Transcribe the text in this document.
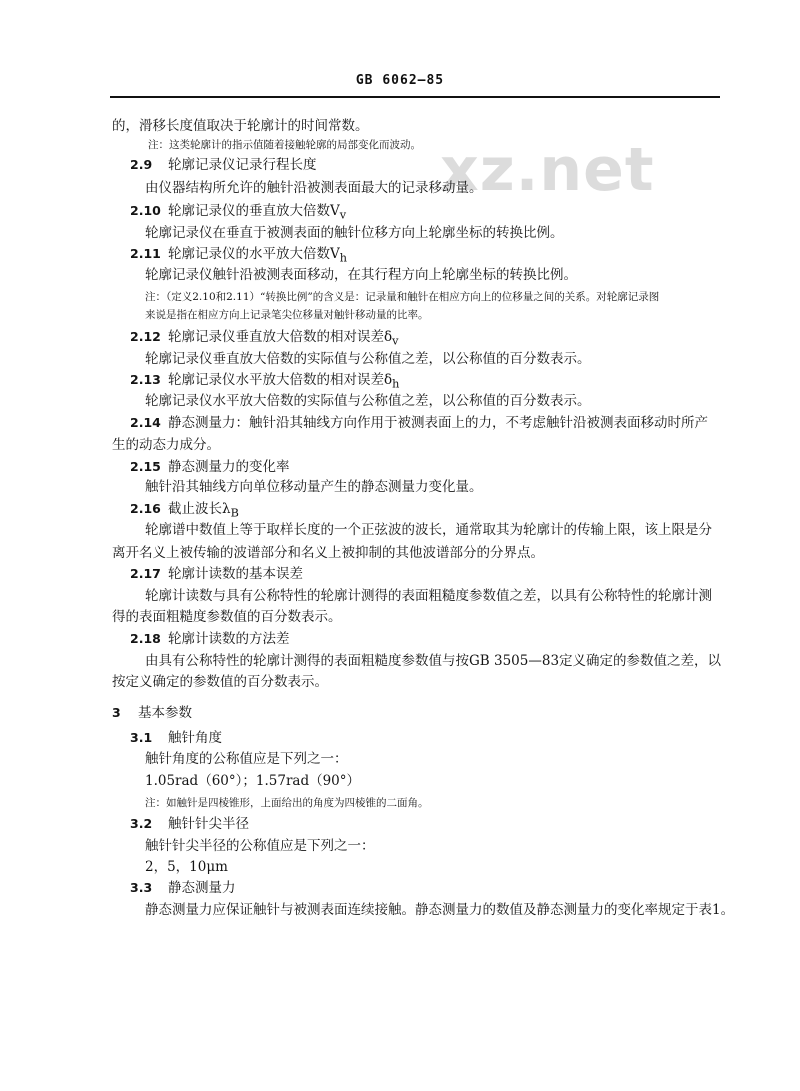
GB 6062—85
xz.net
的，滑移长度值取决于轮廓计的时间常数。
注：这类轮廓计的指示值随着接触轮廓的局部变化而波动。
2.9 轮廓记录仪记录行程长度
由仪器结构所允许的触针沿被测表面最大的记录移动量。
2.10 轮廓记录仪的垂直放大倍数$V_v$
轮廓记录仪在垂直于被测表面的触针位移方向上轮廓坐标的转换比例。
2.11 轮廓记录仪的水平放大倍数$V_h$
轮廓记录仪触针沿被测表面移动，在其行程方向上轮廓坐标的转换比例。
注：（定义2.10和2.11）“转换比例”的含义是：记录量和触针在相应方向上的位移量之间的关系。对轮廓记录图
来说是指在相应方向上记录笔尖位移量对触针移动量的比率。
2.12 轮廓记录仪垂直放大倍数的相对误差$\delta_v$
轮廓记录仪垂直放大倍数的实际值与公称值之差，以公称值的百分数表示。
2.13 轮廓记录仪水平放大倍数的相对误差$\delta_h$
轮廓记录仪水平放大倍数的实际值与公称值之差，以公称值的百分数表示。
2.14 静态测量力：触针沿其轴线方向作用于被测表面上的力，不考虑触针沿被测表面移动时所产
生的动态力成分。
2.15 静态测量力的变化率
触针沿其轴线方向单位移动量产生的静态测量力变化量。
2.16 截止波长$\lambda_B$
轮廓谱中数值上等于取样长度的一个正弦波的波长，通常取其为轮廓计的传输上限，该上限是分
离开名义上被传输的波谱部分和名义上被抑制的其他波谱部分的分界点。
2.17 轮廓计读数的基本误差
轮廓计读数与具有公称特性的轮廓计测得的表面粗糙度参数值之差，以具有公称特性的轮廓计测
得的表面粗糙度参数值的百分数表示。
2.18 轮廓计读数的方法差
由具有公称特性的轮廓计测得的表面粗糙度参数值与按GB 3505—83定义确定的参数值之差，以
按定义确定的参数值的百分数表示。
3 基本参数
3.1 触针角度
触针角度的公称值应是下列之一：
1.05rad（60°）；1.57rad（90°）
注：如触针是四棱锥形，上面给出的角度为四棱锥的二面角。
3.2 触针针尖半径
触针针尖半径的公称值应是下列之一：
2，5，10μm
3.3 静态测量力
静态测量力应保证触针与被测表面连续接触。静态测量力的数值及静态测量力的变化率规定于表1。
